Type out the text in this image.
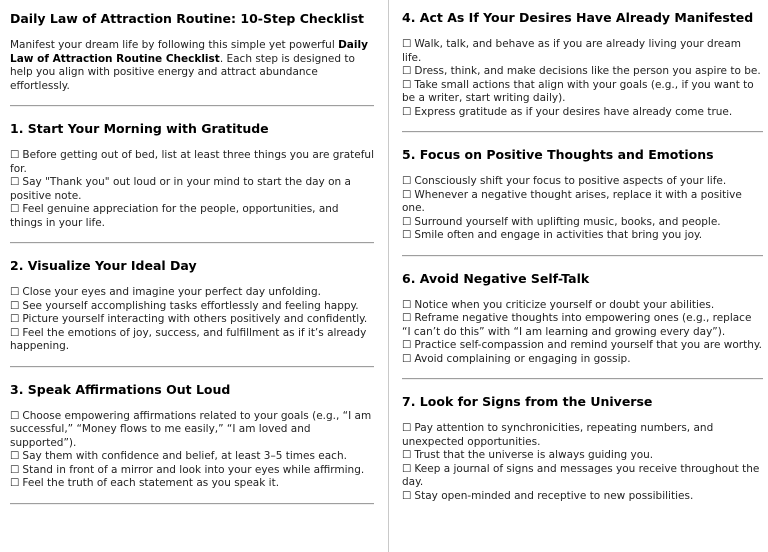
Daily Law of Attraction Routine: 10-Step Checklist

Manifest your dream life by following this simple yet powerful Daily Law of Attraction Routine Checklist. Each step is designed to help you align with positive energy and attract abundance effortlessly.

1. Start Your Morning with Gratitude
☐ Before getting out of bed, list at least three things you are grateful for.
☐ Say "Thank you" out loud or in your mind to start the day on a positive note.
☐ Feel genuine appreciation for the people, opportunities, and things in your life.
2. Visualize Your Ideal Day
☐ Close your eyes and imagine your perfect day unfolding.
☐ See yourself accomplishing tasks effortlessly and feeling happy.
☐ Picture yourself interacting with others positively and confidently.
☐ Feel the emotions of joy, success, and fulfillment as if it’s already happening.
3. Speak Affirmations Out Loud
☐ Choose empowering affirmations related to your goals (e.g., “I am successful,” “Money flows to me easily,” “I am loved and supported”).
☐ Say them with confidence and belief, at least 3–5 times each.
☐ Stand in front of a mirror and look into your eyes while affirming.
☐ Feel the truth of each statement as you speak it.
4. Act As If Your Desires Have Already Manifested
☐ Walk, talk, and behave as if you are already living your dream life.
☐ Dress, think, and make decisions like the person you aspire to be.
☐ Take small actions that align with your goals (e.g., if you want to be a writer, start writing daily).
☐ Express gratitude as if your desires have already come true.
5. Focus on Positive Thoughts and Emotions
☐ Consciously shift your focus to positive aspects of your life.
☐ Whenever a negative thought arises, replace it with a positive one.
☐ Surround yourself with uplifting music, books, and people.
☐ Smile often and engage in activities that bring you joy.
6. Avoid Negative Self-Talk
☐ Notice when you criticize yourself or doubt your abilities.
☐ Reframe negative thoughts into empowering ones (e.g., replace “I can’t do this” with “I am learning and growing every day”).
☐ Practice self-compassion and remind yourself that you are worthy.
☐ Avoid complaining or engaging in gossip.
7. Look for Signs from the Universe
☐ Pay attention to synchronicities, repeating numbers, and unexpected opportunities.
☐ Trust that the universe is always guiding you.
☐ Keep a journal of signs and messages you receive throughout the day.
☐ Stay open-minded and receptive to new possibilities.
